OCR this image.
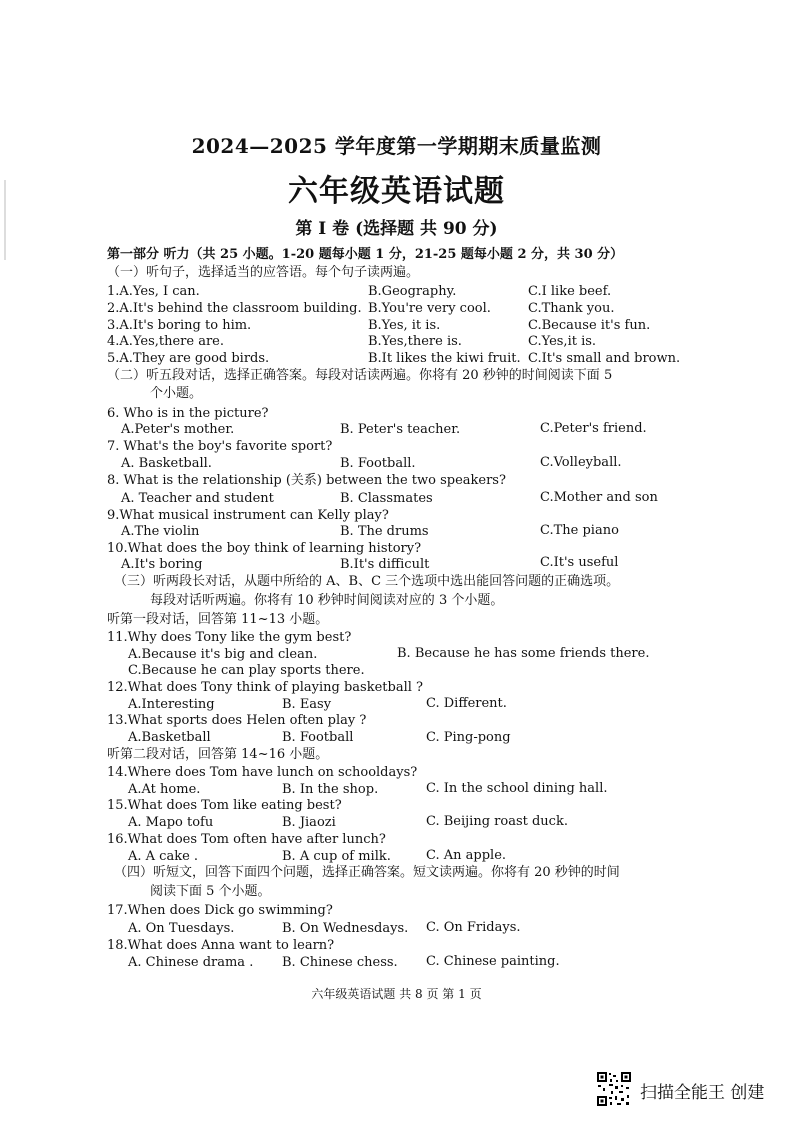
2024—2025 学年度第一学期期末质量监测
六年级英语试题
第 I 卷 (选择题 共 90 分)
第一部分 听力（共 25 小题。1-20 题每小题 1 分，21-25 题每小题 2 分，共 30 分）
（一）听句子，选择适当的应答语。每个句子读两遍。
1.A.Yes, I can.	B.Geography.	C.I like beef.
2.A.It's behind the classroom building. B.You're very cool.	C.Thank you.
3.A.It's boring to him.	B.Yes, it is.	C.Because it's fun.
4.A.Yes,there are.	B.Yes,there is.	C.Yes,it is.
5.A.They are good birds.	B.It likes the kiwi fruit. C.It's small and brown.
（二）听五段对话，选择正确答案。每段对话读两遍。你将有 20 秒钟的时间阅读下面 5
个小题。
6. Who is in the picture?
A.Peter's mother.	B. Peter's teacher.	C.Peter's friend.
7. What's the boy's favorite sport?
A. Basketball.	B. Football.	C.Volleyball.
8. What is the relationship (关系) between the two speakers?
A. Teacher and student	B. Classmates	C.Mother and son
9.What musical instrument can Kelly play?
A.The violin	B. The drums	C.The piano
10.What does the boy think of learning history?
A.It's boring	B.It's difficult	C.It's useful
（三）听两段长对话，从题中所给的 A、B、C 三个选项中选出能回答问题的正确选项。
每段对话听两遍。你将有 10 秒钟时间阅读对应的 3 个小题。
听第一段对话，回答第 11~13 小题。
11.Why does Tony like the gym best?
A.Because it's big and clean.	B. Because he has some friends there.
C.Because he can play sports there.
12.What does Tony think of playing basketball ?
A.Interesting	B. Easy	C. Different.
13.What sports does Helen often play ?
A.Basketball	B. Football	C. Ping-pong
听第二段对话，回答第 14~16 小题。
14.Where does Tom have lunch on schooldays?
A.At home.	B. In the shop.	C. In the school dining hall.
15.What does Tom like eating best?
A. Mapo tofu	B. Jiaozi	C. Beijing roast duck.
16.What does Tom often have after lunch?
A. A cake .	B. A cup of milk.	C. An apple.
（四）听短文，回答下面四个问题，选择正确答案。短文读两遍。你将有 20 秒钟的时间
阅读下面 5 个小题。
17.When does Dick go swimming?
A. On Tuesdays.	B. On Wednesdays. C. On Fridays.
18.What does Anna want to learn?
A. Chinese drama . B. Chinese chess. C. Chinese painting.
六年级英语试题 共 8 页 第 1 页
扫描全能王 创建
